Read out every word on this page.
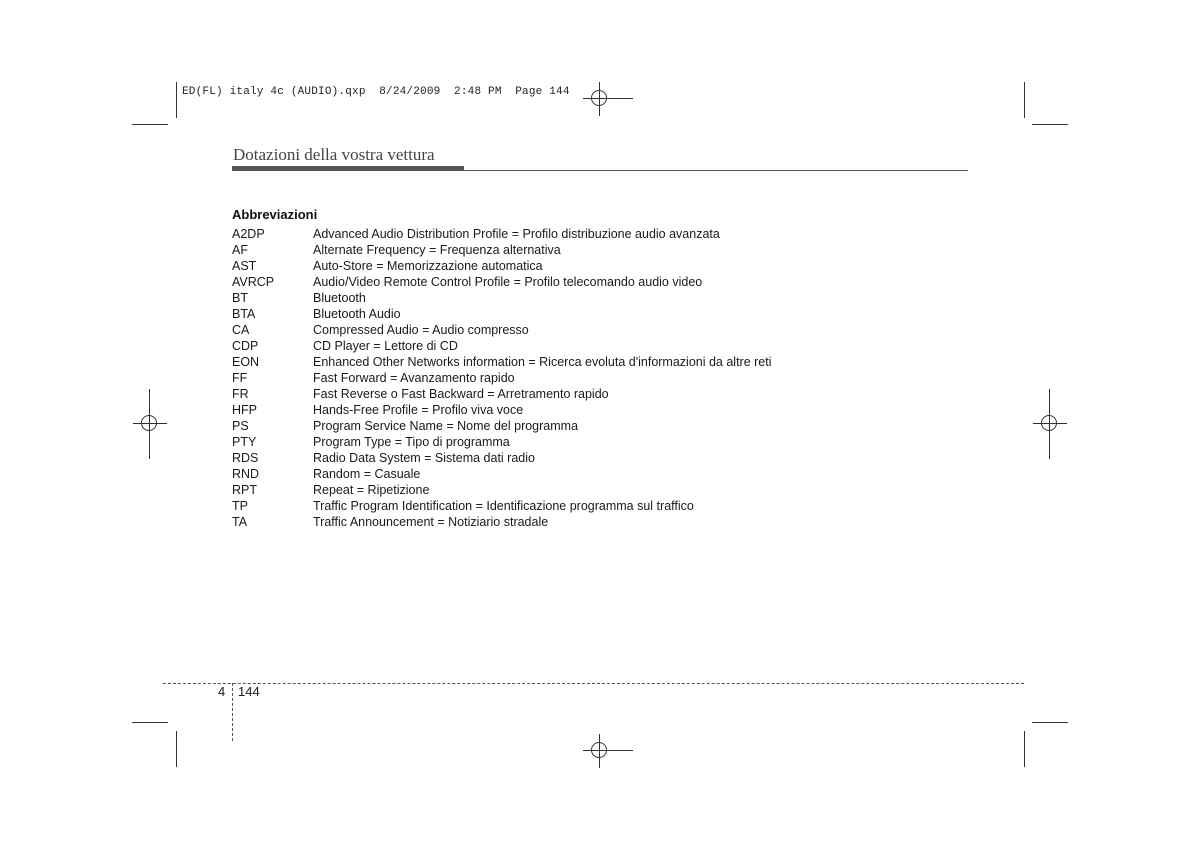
ED(FL) italy 4c (AUDIO).qxp  8/24/2009  2:48 PM  Page 144
Dotazioni della vostra vettura
Abbreviazioni
A2DP	Advanced Audio Distribution Profile = Profilo distribuzione audio avanzata
AF	Alternate Frequency = Frequenza alternativa
AST	Auto-Store = Memorizzazione automatica
AVRCP	Audio/Video Remote Control Profile = Profilo telecomando audio video
BT	Bluetooth
BTA	Bluetooth Audio
CA	Compressed Audio = Audio compresso
CDP	CD Player = Lettore di CD
EON	Enhanced Other Networks information = Ricerca evoluta d'informazioni da altre reti
FF	Fast Forward = Avanzamento rapido
FR	Fast Reverse o Fast Backward = Arretramento rapido
HFP	Hands-Free Profile = Profilo viva voce
PS	Program Service Name = Nome del programma
PTY	Program Type = Tipo di programma
RDS	Radio Data System = Sistema dati radio
RND	Random = Casuale
RPT	Repeat = Ripetizione
TP	Traffic Program Identification = Identificazione programma sul traffico
TA	Traffic Announcement = Notiziario stradale
4 144
